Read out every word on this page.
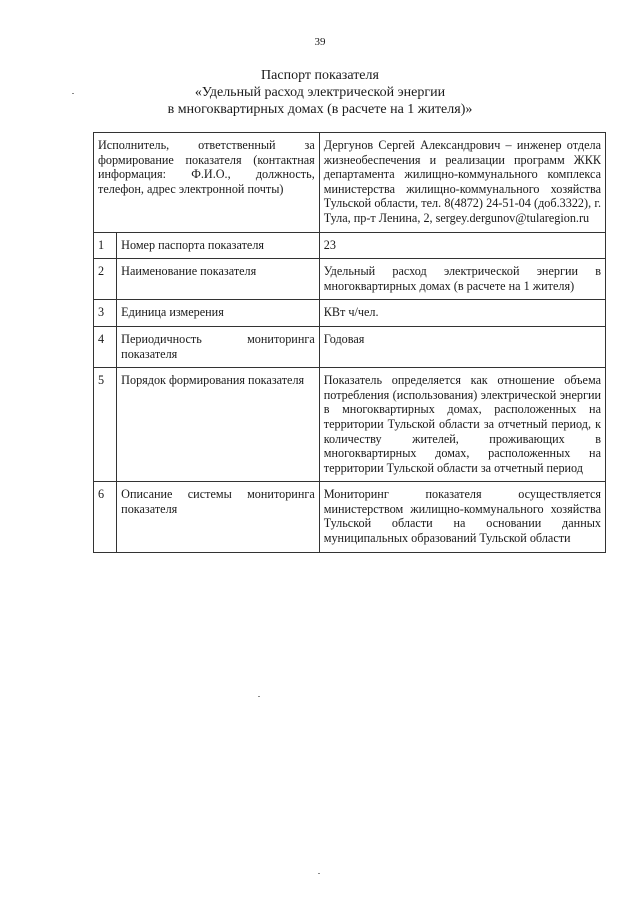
39
Паспорт показателя
«Удельный расход электрической энергии
в многоквартирных домах (в расчете на 1 жителя)»
Исполнитель, ответственный за формирование показателя (контактная информация: Ф.И.О., должность, телефон, адрес электронной почты)		Дергунов Сергей Александрович – инженер отдела жизнеобеспечения и реализации программ ЖКК департамента жилищно-коммунального комплекса министерства жилищно-коммунального хозяйства Тульской области, тел. 8(4872) 24-51-04 (доб.3322), г. Тула, пр-т Ленина, 2, sergey.dergunov@tularegion.ru
1	Номер паспорта показателя	23
2	Наименование показателя	Удельный расход электрической энергии в многоквартирных домах (в расчете на 1 жителя)
3	Единица измерения	КВт ч/чел.
4	Периодичность мониторинга показателя	Годовая
5	Порядок формирования показателя	Показатель определяется как отношение объема потребления (использования) электрической энергии в многоквартирных домах, расположенных на территории Тульской области за отчетный период, к количеству жителей, проживающих в многоквартирных домах, расположенных на территории Тульской области за отчетный период
6	Описание системы мониторинга показателя	Мониторинг показателя осуществляется министерством жилищно-коммунального хозяйства Тульской области на основании данных муниципальных образований Тульской области
